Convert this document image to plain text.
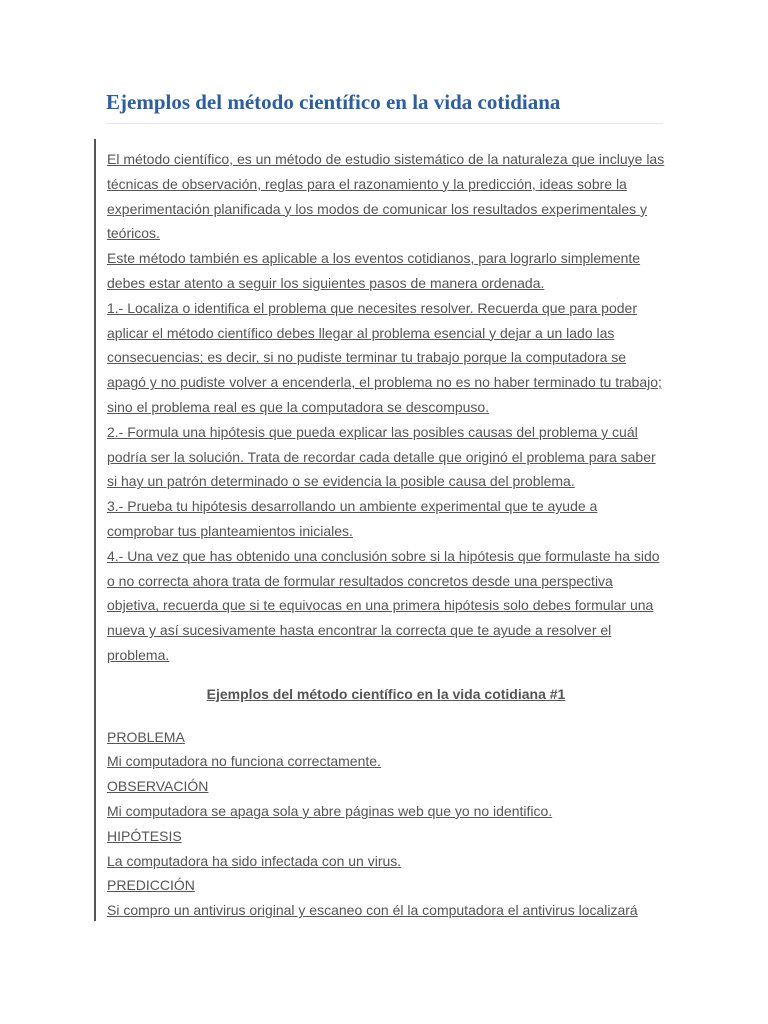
Ejemplos del método científico en la vida cotidiana

El método científico, es un método de estudio sistemático de la naturaleza que incluye las técnicas de observación, reglas para el razonamiento y la predicción, ideas sobre la experimentación planificada y los modos de comunicar los resultados experimentales y teóricos.

Este método también es aplicable a los eventos cotidianos, para lograrlo simplemente debes estar atento a seguir los siguientes pasos de manera ordenada.

1.- Localiza o identifica el problema que necesites resolver. Recuerda que para poder aplicar el método científico debes llegar al problema esencial y dejar a un lado las consecuencias; es decir, si no pudiste terminar tu trabajo porque la computadora se apagó y no pudiste volver a encenderla, el problema no es no haber terminado tu trabajo; sino el problema real es que la computadora se descompuso.

2.- Formula una hipótesis que pueda explicar las posibles causas del problema y cuál podría ser la solución. Trata de recordar cada detalle que originó el problema para saber si hay un patrón determinado o se evidencia la posible causa del problema.

3.- Prueba tu hipótesis desarrollando un ambiente experimental que te ayude a comprobar tus planteamientos iniciales.

4.- Una vez que has obtenido una conclusión sobre si la hipótesis que formulaste ha sido o no correcta ahora trata de formular resultados concretos desde una perspectiva objetiva, recuerda que si te equivocas en una primera hipótesis solo debes formular una nueva y así sucesivamente hasta encontrar la correcta que te ayude a resolver el problema.

Ejemplos del método científico en la vida cotidiana #1

PROBLEMA

Mi computadora no funciona correctamente.

OBSERVACIÓN

Mi computadora se apaga sola y abre páginas web que yo no identifico.

HIPÓTESIS

La computadora ha sido infectada con un virus.

PREDICCIÓN

Si compro un antivirus original y escaneo con él la computadora el antivirus localizará
